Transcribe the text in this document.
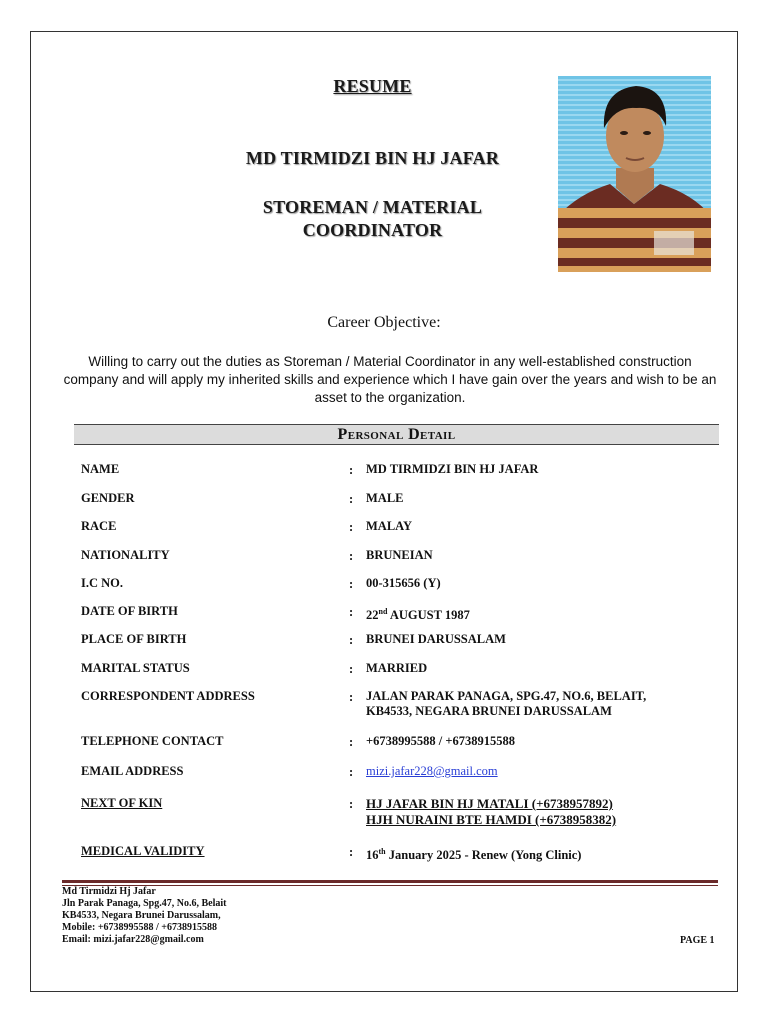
RESUME
MD TIRMIDZI BIN HJ JAFAR
STOREMAN / MATERIAL
COORDINATOR
Career Objective:
Willing to carry out the duties as Storeman / Material Coordinator in any well-established construction company and will apply my inherited skills and experience which I have gain over the years and wish to be an asset to the organization.
Personal Detail
NAME	: MD TIRMIDZI BIN HJ JAFAR
GENDER	: MALE
RACE	: MALAY
NATIONALITY	: BRUNEIAN
I.C NO.	: 00-315656 (Y)
DATE OF BIRTH	: 22nd AUGUST 1987
PLACE OF BIRTH	: BRUNEI DARUSSALAM
MARITAL STATUS	: MARRIED
CORRESPONDENT ADDRESS	: JALAN PARAK PANAGA, SPG.47, NO.6, BELAIT,
KB4533, NEGARA BRUNEI DARUSSALAM
TELEPHONE CONTACT	: +6738995588 / +6738915588
EMAIL ADDRESS	: mizi.jafar228@gmail.com
NEXT OF KIN	: HJ JAFAR BIN HJ MATALI (+6738957892)
HJH NURAINI BTE HAMDI (+6738958382)
MEDICAL VALIDITY	: 16th January 2025 - Renew (Yong Clinic)
Md Tirmidzi Hj Jafar
Jln Parak Panaga, Spg.47, No.6, Belait
KB4533, Negara Brunei Darussalam,
Mobile: +6738995588 / +6738915588
Email: mizi.jafar228@gmail.com	PAGE 1
